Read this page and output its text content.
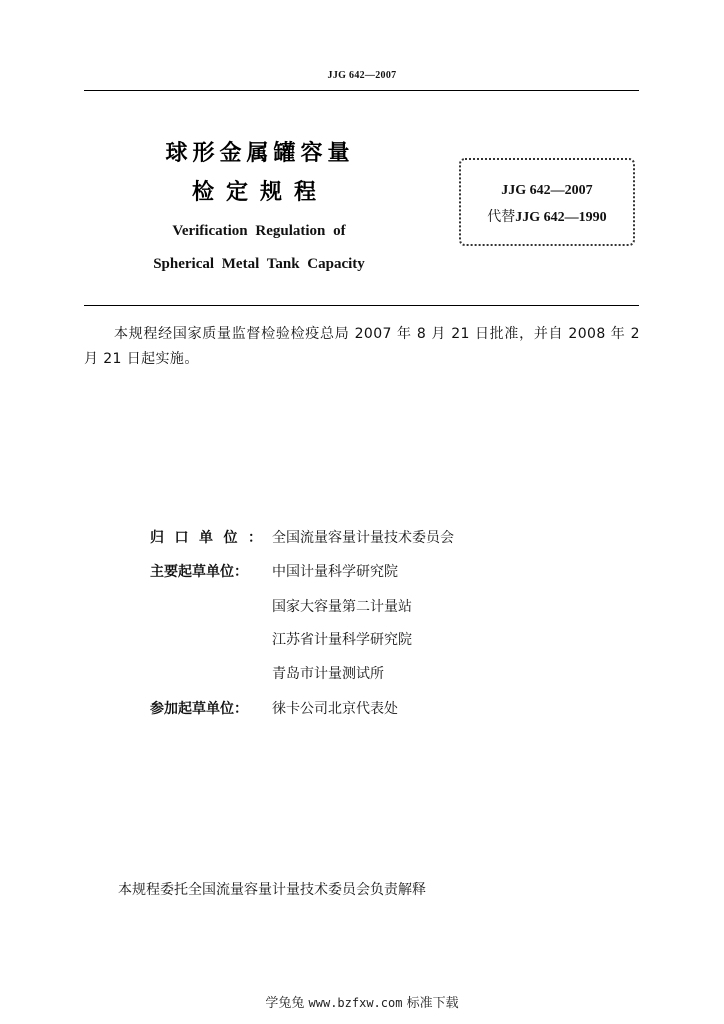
JJG 642—2007
球形金属罐容量
检定规程
Verification Regulation of
Spherical Metal Tank Capacity
JJG 642—2007
代替JJG 642—1990
本规程经国家质量监督检验检疫总局 2007 年 8 月 21 日批准，并自 2008 年 2 月 21 日起实施。
归口单位： 全国流量容量计量技术委员会
主要起草单位：	中国计量科学研究院
国家大容量第二计量站
江苏省计量科学研究院
青岛市计量测试所
参加起草单位：	徕卡公司北京代表处
本规程委托全国流量容量计量技术委员会负责解释
学兔兔 www.bzfxw.com 标准下载
